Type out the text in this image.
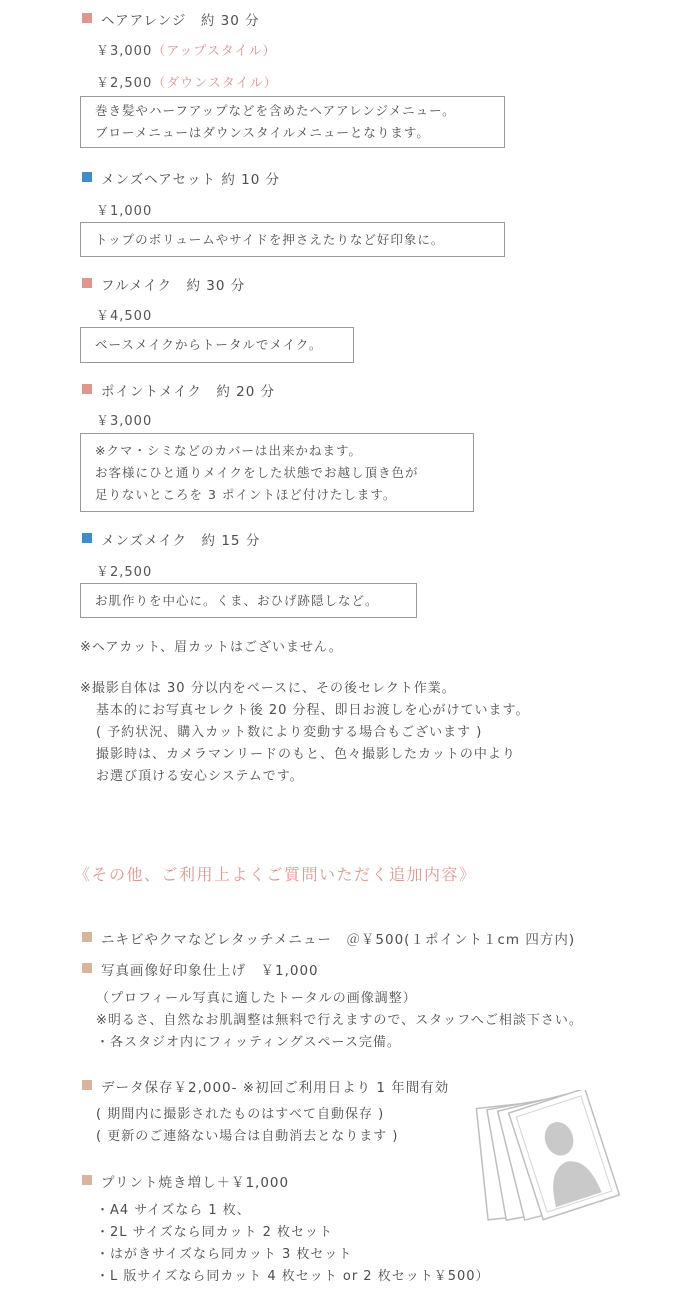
ヘアアレンジ　約 30 分
￥3,000（アップスタイル）
￥2,500（ダウンスタイル）
巻き髪やハーフアップなどを含めたヘアアレンジメニュー。
ブローメニューはダウンスタイルメニューとなります。
メンズヘアセット 約 10 分
￥1,000
トップのボリュームやサイドを押さえたりなど好印象に。
フルメイク　約 30 分
￥4,500
ベースメイクからトータルでメイク。
ポイントメイク　約 20 分
￥3,000
※クマ・シミなどのカバーは出来かねます。
お客様にひと通りメイクをした状態でお越し頂き色が
足りないところを 3 ポイントほど付けたします。
メンズメイク　約 15 分
￥2,500
お肌作りを中心に。くま、おひげ跡隠しなど。
※ヘアカット、眉カットはございません。
※撮影自体は 30 分以内をベースに、その後セレクト作業。
基本的にお写真セレクト後 20 分程、即日お渡しを心がけています。
( 予約状況、購入カット数により変動する場合もございます )
撮影時は、カメラマンリードのもと、色々撮影したカットの中より
お選び頂ける安心システムです。
《その他、ご利用上よくご質問いただく追加内容》
ニキビやクマなどレタッチメニュー　＠￥500(１ポイント１cm 四方内)
写真画像好印象仕上げ　￥1,000
（プロフィール写真に適したトータルの画像調整）
※明るさ、自然なお肌調整は無料で行えますので、スタッフへご相談下さい。
・各スタジオ内にフィッティングスペース完備。
データ保存￥2,000- ※初回ご利用日より 1 年間有効
( 期間内に撮影されたものはすべて自動保存 )
( 更新のご連絡ない場合は自動消去となります )
プリント焼き増し＋￥1,000
・A4 サイズなら 1 枚、
・2L サイズなら同カット 2 枚セット
・はがきサイズなら同カット 3 枚セット
・L 版サイズなら同カット 4 枚セット or 2 枚セット￥500）
